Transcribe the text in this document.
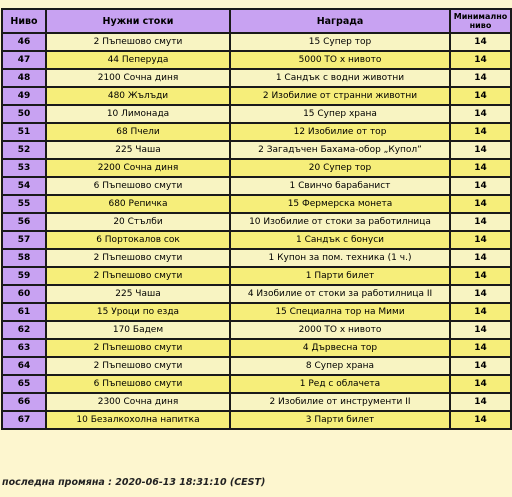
Ниво	Нужни стоки	Награда	Минимално ниво
46	2 Пъпешово смути	15 Супер тор	14
47	44 Пеперуда	5000 ТО x нивото	14
48	2100 Сочна диня	1 Сандък с водни животни	14
49	480 Жълъди	2 Изобилие от странни животни	14
50	10 Лимонада	15 Супер храна	14
51	68 Пчели	12 Изобилие от тор	14
52	225 Чаша	2 Загадъчен Бахама-обор „Купол”	14
53	2200 Сочна диня	20 Супер тор	14
54	6 Пъпешово смути	1 Свинчо барабанист	14
55	680 Репичка	15 Фермерска монета	14
56	20 Стълби	10 Изобилие от стоки за работилница	14
57	6 Портокалов сок	1 Сандък с бонуси	14
58	2 Пъпешово смути	1 Купон за пом. техника (1 ч.)	14
59	2 Пъпешово смути	1 Парти билет	14
60	225 Чаша	4 Изобилие от стоки за работилница II	14
61	15 Уроци по езда	15 Специална тор на Мими	14
62	170 Бадем	2000 ТО x нивото	14
63	2 Пъпешово смути	4 Дървесна тор	14
64	2 Пъпешово смути	8 Супер храна	14
65	6 Пъпешово смути	1 Ред с облачета	14
66	2300 Сочна диня	2 Изобилие от инструменти II	14
67	10 Безалкохолна напитка	3 Парти билет	14
последна промяна : 2020-06-13 18:31:10 (CEST)
